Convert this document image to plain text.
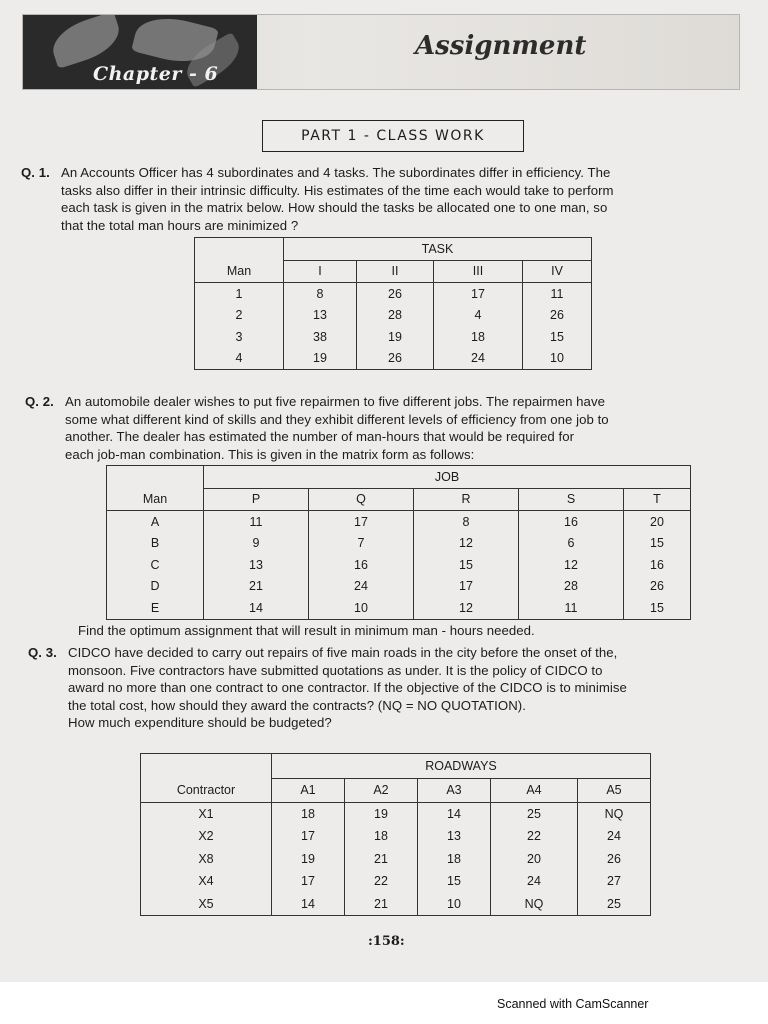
Chapter - 6
Assignment
PART 1 - CLASS WORK
Q. 1. An Accounts Officer has 4 subordinates and 4 tasks. The subordinates differ in efficiency. The
tasks also differ in their intrinsic difficulty. His estimates of the time each would take to perform
each task is given in the matrix below. How should the tasks be allocated one to one man, so
that the total man hours are minimized ?
	TASK			
Man	I	II	III	IV
1	8	26	17	11
2	13	28	4	26
3	38	19	18	15
4	19	26	24	10
Q. 2. An automobile dealer wishes to put five repairmen to five different jobs. The repairmen have
some what different kind of skills and they exhibit different levels of efficiency from one job to
another. The dealer has estimated the number of man-hours that would be required for
each job-man combination. This is given in the matrix form as follows:
	JOB				
Man	P	Q	R	S	T
A	11	17	8	16	20
B	9	7	12	6	15
C	13	16	15	12	16
D	21	24	17	28	26
E	14	10	12	11	15
Find the optimum assignment that will result in minimum man - hours needed.
Q. 3. CIDCO have decided to carry out repairs of five main roads in the city before the onset of the,
monsoon. Five contractors have submitted quotations as under. It is the policy of CIDCO to
award no more than one contract to one contractor. If the objective of the CIDCO is to minimise
the total cost, how should they award the contracts? (NQ = NO QUOTATION).
How much expenditure should be budgeted?
	ROADWAYS				
Contractor	A1	A2	A3	A4	A5
X1	18	19	14	25	NQ
X2	17	18	13	22	24
X8	19	21	18	20	26
X4	17	22	15	24	27
X5	14	21	10	NQ	25
:158:
Scanned with CamScanner
